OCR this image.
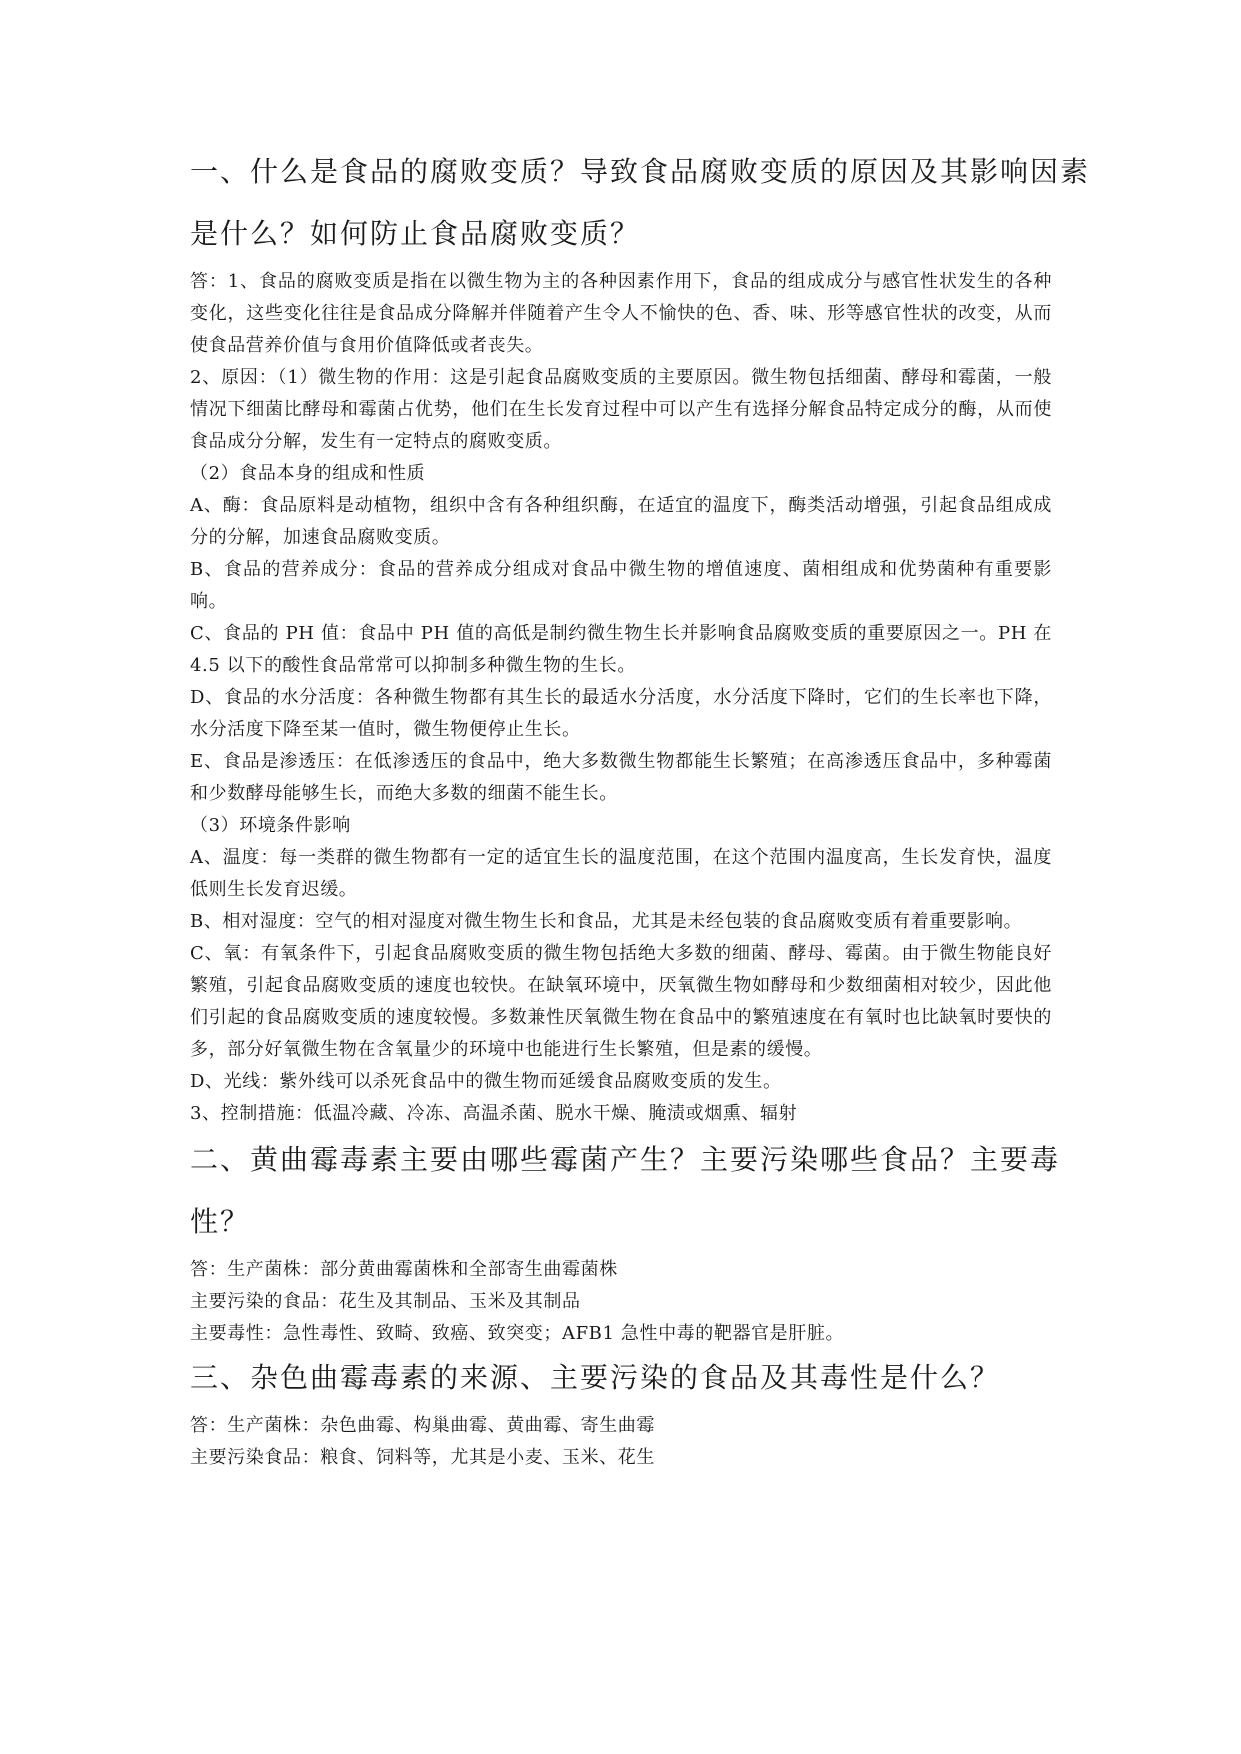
一、什么是食品的腐败变质？导致食品腐败变质的原因及其影响因素
是什么？如何防止食品腐败变质？

答：1、食品的腐败变质是指在以微生物为主的各种因素作用下，食品的组成成分与感官性状发生的各种变化，这些变化往往是食品成分降解并伴随着产生令人不愉快的色、香、味、形等感官性状的改变，从而使食品营养价值与食用价值降低或者丧失。

2、原因：（1）微生物的作用：这是引起食品腐败变质的主要原因。微生物包括细菌、酵母和霉菌，一般情况下细菌比酵母和霉菌占优势，他们在生长发育过程中可以产生有选择分解食品特定成分的酶，从而使食品成分分解，发生有一定特点的腐败变质。

（2）食品本身的组成和性质

A、酶：食品原料是动植物，组织中含有各种组织酶，在适宜的温度下，酶类活动增强，引起食品组成成分的分解，加速食品腐败变质。

B、食品的营养成分：食品的营养成分组成对食品中微生物的增值速度、菌相组成和优势菌种有重要影响。

C、食品的 PH 值：食品中 PH 值的高低是制约微生物生长并影响食品腐败变质的重要原因之一。PH 在 4.5 以下的酸性食品常常可以抑制多种微生物的生长。

D、食品的水分活度：各种微生物都有其生长的最适水分活度，水分活度下降时，它们的生长率也下降，水分活度下降至某一值时，微生物便停止生长。

E、食品是渗透压：在低渗透压的食品中，绝大多数微生物都能生长繁殖；在高渗透压食品中，多种霉菌和少数酵母能够生长，而绝大多数的细菌不能生长。

（3）环境条件影响

A、温度：每一类群的微生物都有一定的适宜生长的温度范围，在这个范围内温度高，生长发育快，温度低则生长发育迟缓。

B、相对湿度：空气的相对湿度对微生物生长和食品，尤其是未经包装的食品腐败变质有着重要影响。

C、氧：有氧条件下，引起食品腐败变质的微生物包括绝大多数的细菌、酵母、霉菌。由于微生物能良好繁殖，引起食品腐败变质的速度也较快。在缺氧环境中，厌氧微生物如酵母和少数细菌相对较少，因此他们引起的食品腐败变质的速度较慢。多数兼性厌氧微生物在食品中的繁殖速度在有氧时也比缺氧时要快的多，部分好氧微生物在含氧量少的环境中也能进行生长繁殖，但是素的缓慢。

D、光线：紫外线可以杀死食品中的微生物而延缓食品腐败变质的发生。

3、控制措施：低温冷藏、冷冻、高温杀菌、脱水干燥、腌渍或烟熏、辐射

二、黄曲霉毒素主要由哪些霉菌产生？主要污染哪些食品？主要毒
性？

答：生产菌株：部分黄曲霉菌株和全部寄生曲霉菌株

主要污染的食品：花生及其制品、玉米及其制品

主要毒性：急性毒性、致畸、致癌、致突变；AFB1 急性中毒的靶器官是肝脏。

三、杂色曲霉毒素的来源、主要污染的食品及其毒性是什么？

答：生产菌株：杂色曲霉、构巢曲霉、黄曲霉、寄生曲霉

主要污染食品：粮食、饲料等，尤其是小麦、玉米、花生
